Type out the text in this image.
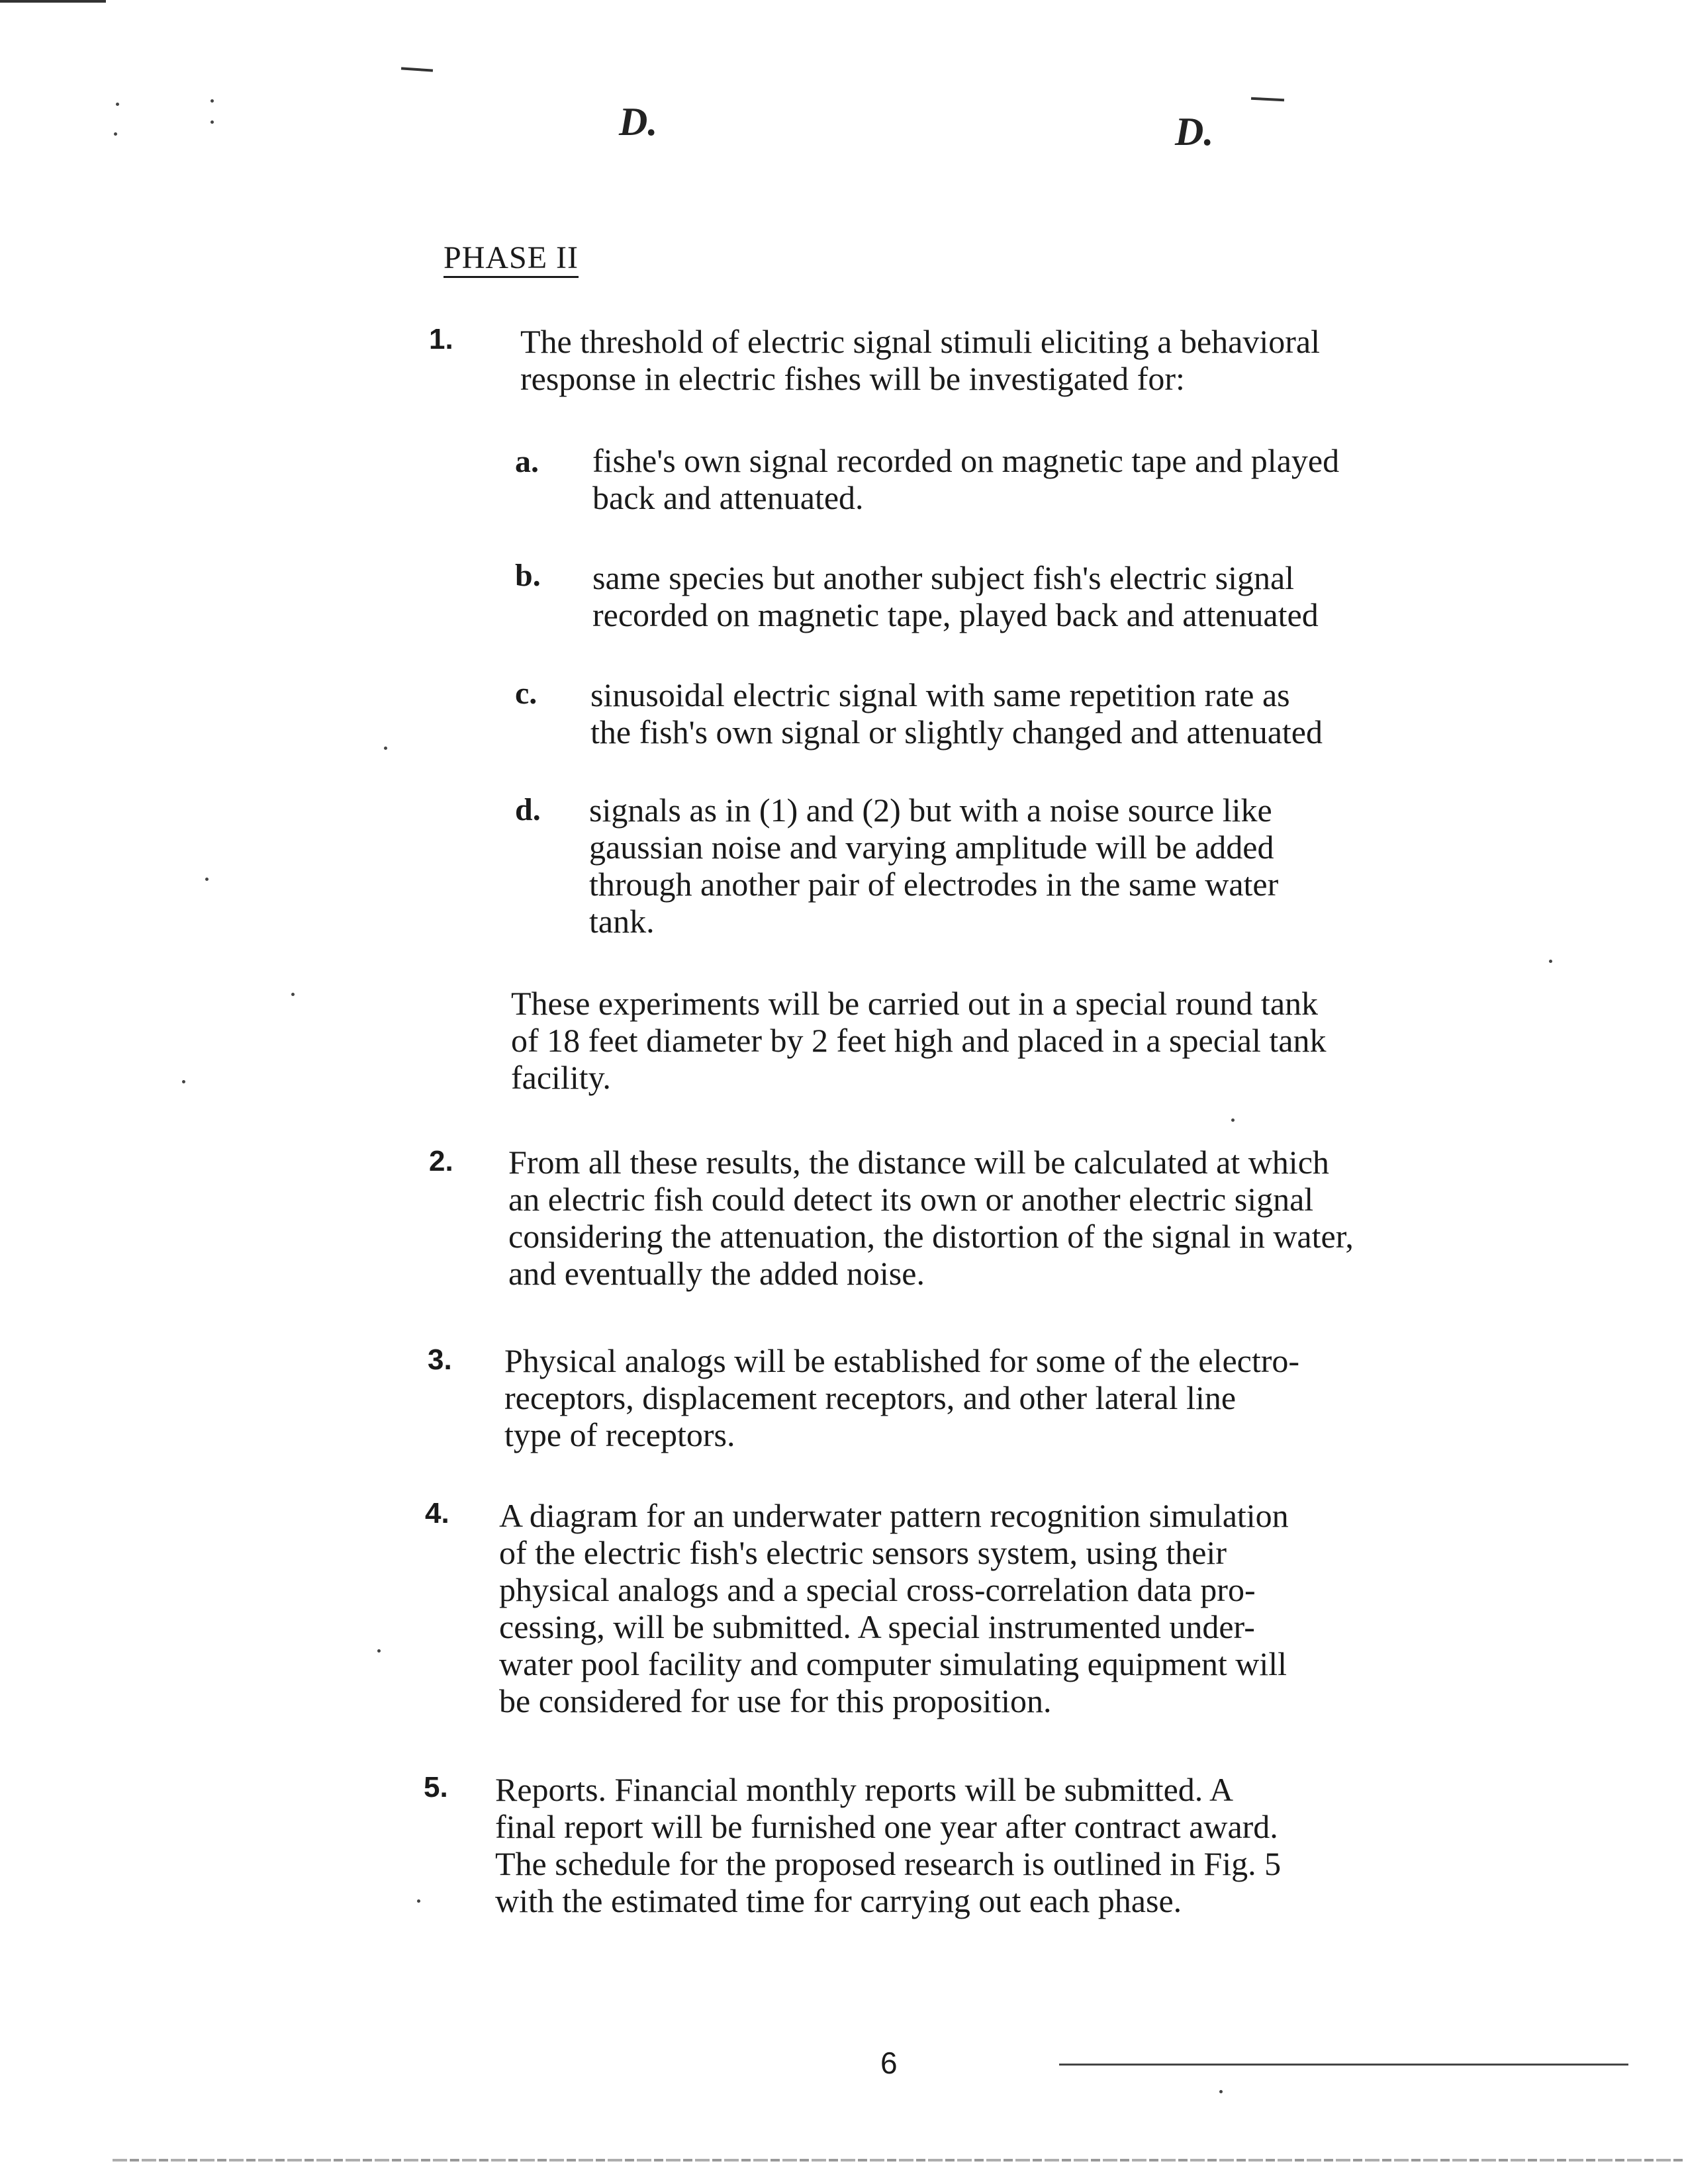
D.	D.
PHASE II
1. The threshold of electric signal stimuli eliciting a behavioral
response in electric fishes will be investigated for:
a. fishe's own signal recorded on magnetic tape and played
back and attenuated.
b. same species but another subject fish's electric signal
recorded on magnetic tape, played back and attenuated
c. sinusoidal electric signal with same repetition rate as
the fish's own signal or slightly changed and attenuated
d. signals as in (1) and (2) but with a noise source like
gaussian noise and varying amplitude will be added
through another pair of electrodes in the same water
tank.
These experiments will be carried out in a special round tank
of 18 feet diameter by 2 feet high and placed in a special tank
facility.
2. From all these results, the distance will be calculated at which
an electric fish could detect its own or another electric signal
considering the attenuation, the distortion of the signal in water,
and eventually the added noise.
3. Physical analogs will be established for some of the electro-
receptors, displacement receptors, and other lateral line
type of receptors.
4. A diagram for an underwater pattern recognition simulation
of the electric fish's electric sensors system, using their
physical analogs and a special cross-correlation data pro-
cessing, will be submitted. A special instrumented under-
water pool facility and computer simulating equipment will
be considered for use for this proposition.
5. Reports. Financial monthly reports will be submitted. A
final report will be furnished one year after contract award.
The schedule for the proposed research is outlined in Fig. 5
with the estimated time for carrying out each phase.
6
